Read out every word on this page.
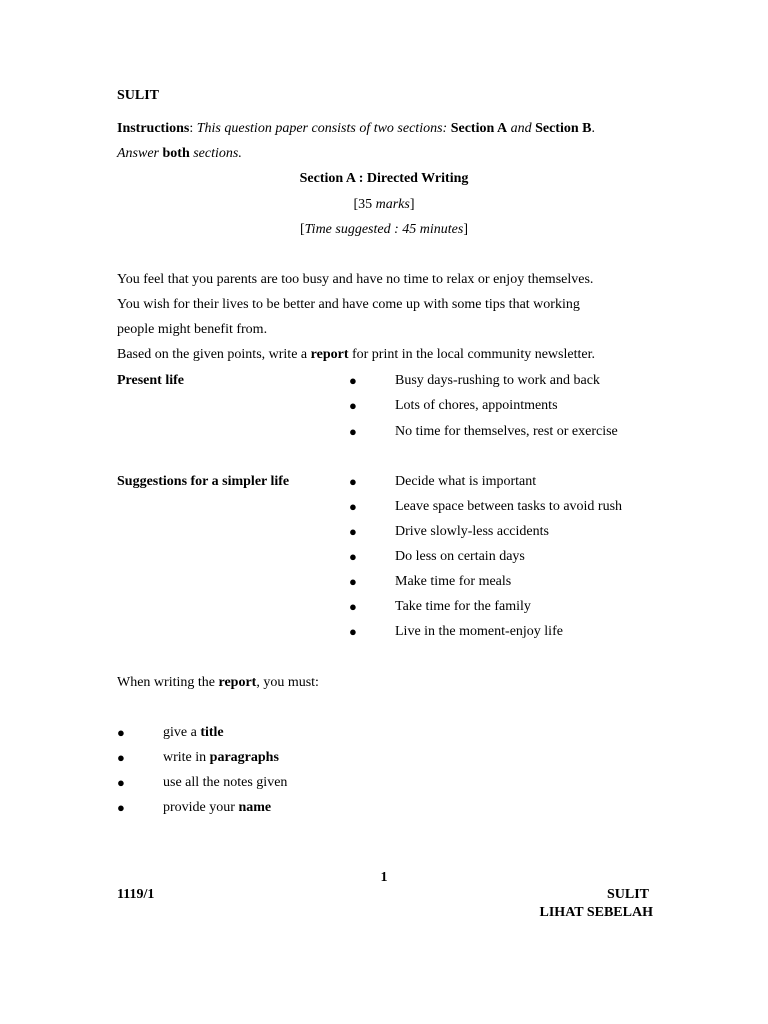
SULIT
Instructions: This question paper consists of two sections: Section A and Section B.
Answer both sections.
Section A : Directed Writing
[35 marks]
[Time suggested : 45 minutes]
You feel that you parents are too busy and have no time to relax or enjoy themselves.
You wish for their lives to be better and have come up with some tips that working
people might benefit from.
Based on the given points, write a report for print in the local community newsletter.
Present life	●	Busy days-rushing to work and back
●	Lots of chores, appointments
●	No time for themselves, rest or exercise
Suggestions for a simpler life	●	Decide what is important
●	Leave space between tasks to avoid rush
●	Drive slowly-less accidents
●	Do less on certain days
●	Make time for meals
●	Take time for the family
●	Live in the moment-enjoy life
When writing the report, you must:
●	give a title
●	write in paragraphs
●	use all the notes given
●	provide your name
1
1119/1	SULIT
LIHAT SEBELAH
